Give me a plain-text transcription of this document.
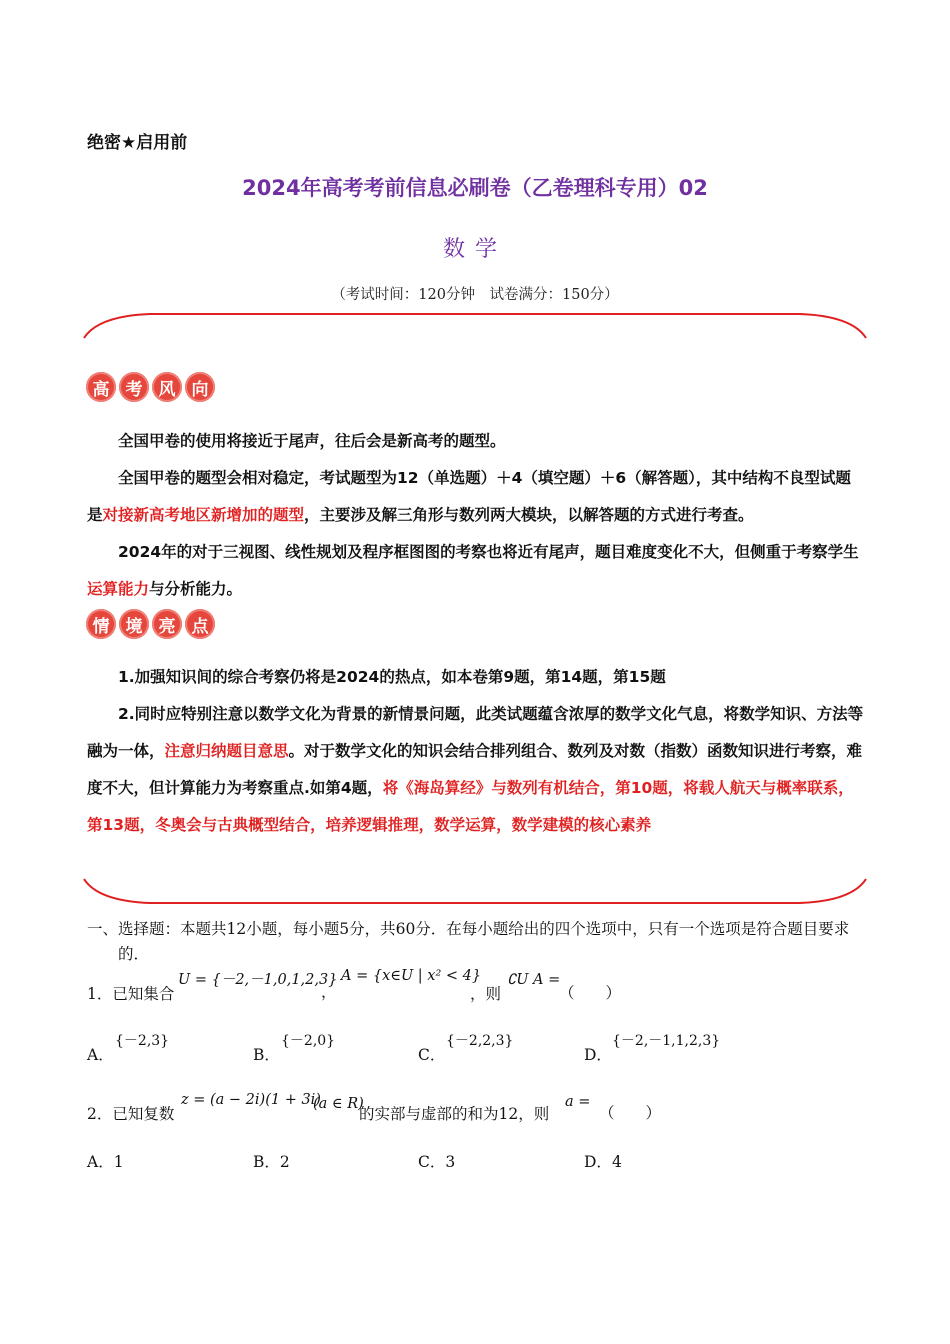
绝密★启用前
2024年高考考前信息必刷卷（乙卷理科专用）02
数学
（考试时间：120分钟　试卷满分：150分）
高 考 风 向

全国甲卷的使用将接近于尾声，往后会是新高考的题型。

全国甲卷的题型会相对稳定，考试题型为12（单选题）＋4（填空题）＋6（解答题），其中结构不良型试题是对接新高考地区新增加的题型，主要涉及解三角形与数列两大模块，以解答题的方式进行考查。

2024年的对于三视图、线性规划及程序框图图的考察也将近有尾声，题目难度变化不大，但侧重于考察学生运算能力与分析能力。

情 境 亮 点

1.加强知识间的综合考察仍将是2024的热点，如本卷第9题，第14题，第15题

2.同时应特别注意以数学文化为背景的新情景问题，此类试题蕴含浓厚的数学文化气息，将数学知识、方法等融为一体，注意归纳题目意思。对于数学文化的知识会结合排列组合、数列及对数（指数）函数知识进行考察，难度不大，但计算能力为考察重点.如第4题，将《海岛算经》与数列有机结合，第10题，将载人航天与概率联系，第13题，冬奥会与古典概型结合，培养逻辑推理，数学运算，数学建模的核心素养

一、选择题：本题共12小题，每小题5分，共60分．在每小题给出的四个选项中，只有一个选项是符合题目要求的．
1．已知集合
U = {－2,－1,0,1,2,3}
，
A = {x∈U | x² < 4}
，则
∁U A =
（　　）
A．
{－2,3}
B．
{－2,0}
C．
{－2,2,3}
D．
{－2,－1,1,2,3}
2．已知复数
z = (a − 2i)(1 + 3i)
(a ∈ R)
的实部与虚部的和为12，则
a =
（　　）
A．1	B．2	C．3	D．4
